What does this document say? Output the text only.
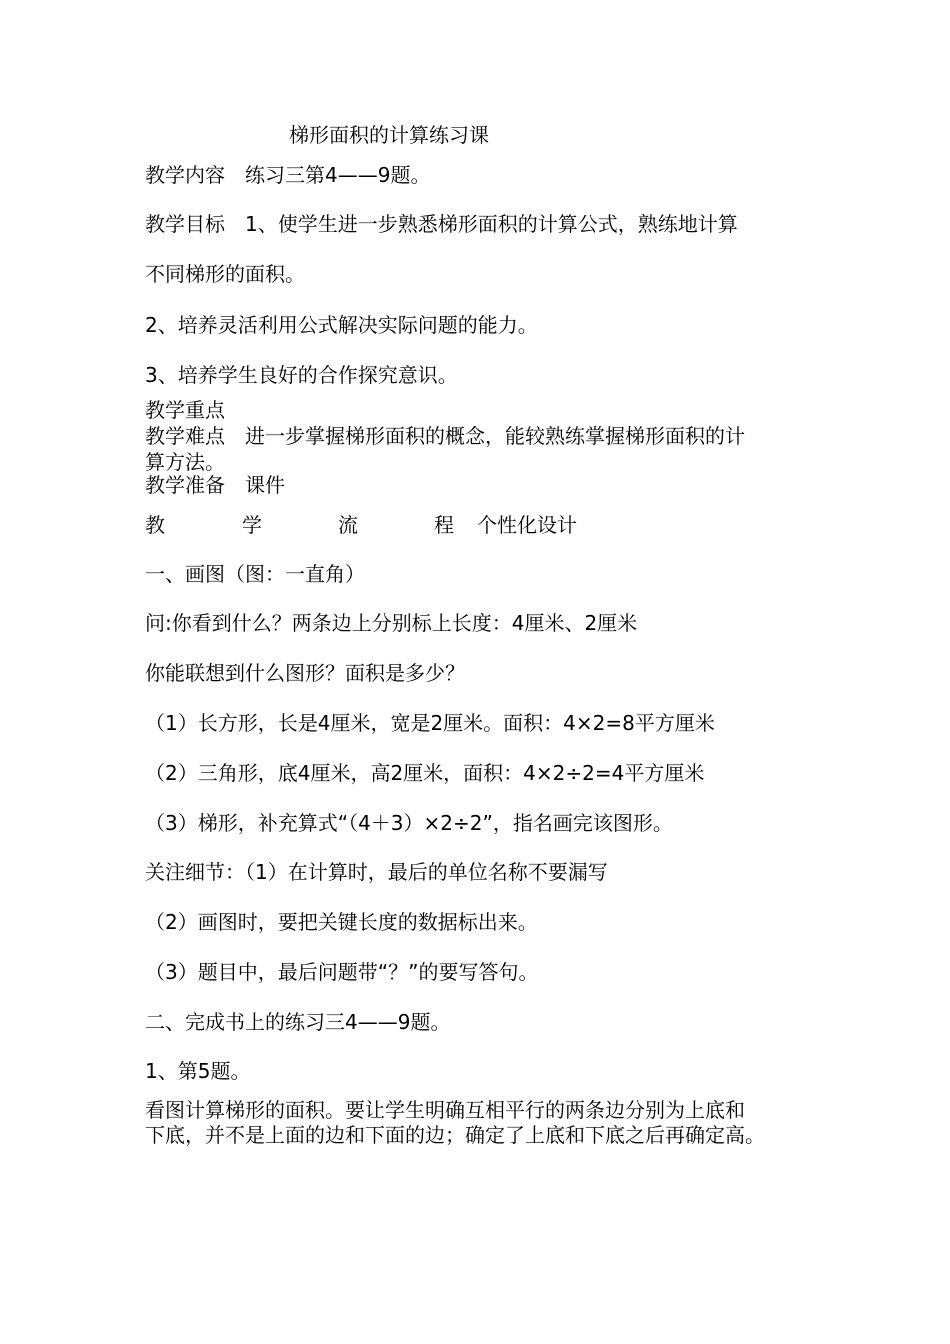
梯形面积的计算练习课
教学内容　练习三第4——9题。
教学目标　1、使学生进一步熟悉梯形面积的计算公式，熟练地计算
不同梯形的面积。
2、培养灵活利用公式解决实际问题的能力。
3、培养学生良好的合作探究意识。
教学重点
教学难点　进一步掌握梯形面积的概念，能较熟练掌握梯形面积的计
算方法。
教学准备　课件
教	学	流	程 个性化设计
一、画图（图：一直角）
问:你看到什么？两条边上分别标上长度：4厘米、2厘米
你能联想到什么图形？面积是多少？
（1）长方形，长是4厘米，宽是2厘米。面积：4×2=8平方厘米
（2）三角形，底4厘米，高2厘米，面积：4×2÷2=4平方厘米
（3）梯形，补充算式“（4＋3）×2÷2”，指名画完该图形。
关注细节：（1）在计算时，最后的单位名称不要漏写
（2）画图时，要把关键长度的数据标出来。
（3）题目中，最后问题带“？”的要写答句。
二、完成书上的练习三4——9题。
1、第5题。
看图计算梯形的面积。要让学生明确互相平行的两条边分别为上底和
下底，并不是上面的边和下面的边；确定了上底和下底之后再确定高。
